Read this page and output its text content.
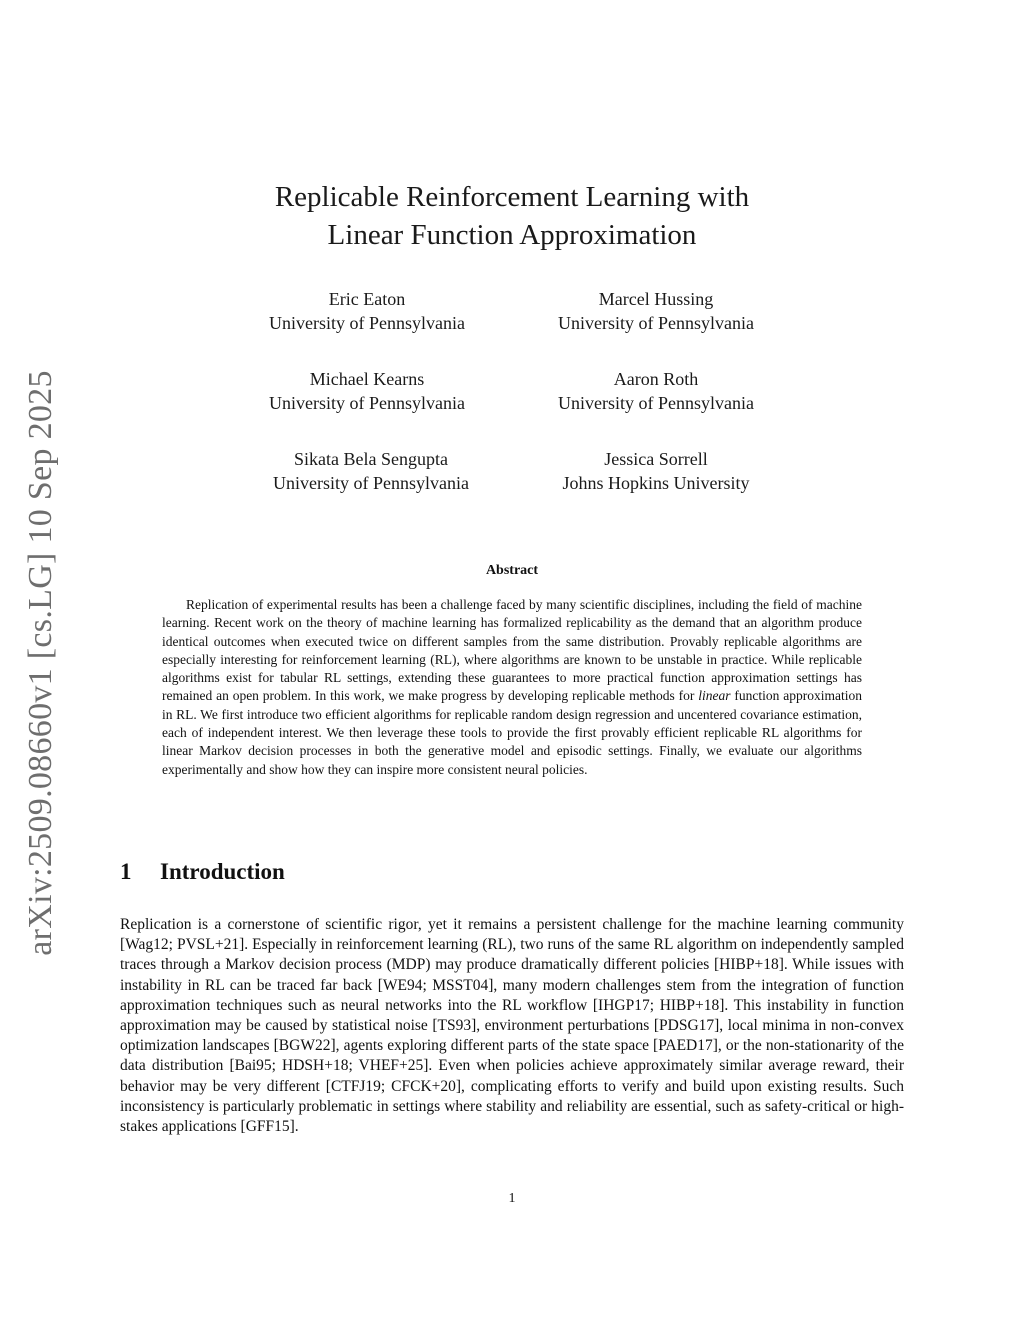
arXiv:2509.08660v1 [cs.LG] 10 Sep 2025
Replicable Reinforcement Learning with
Linear Function Approximation
Eric Eaton
University of Pennsylvania
Marcel Hussing
University of Pennsylvania
Michael Kearns
University of Pennsylvania
Aaron Roth
University of Pennsylvania
Sikata Bela Sengupta
University of Pennsylvania
Jessica Sorrell
Johns Hopkins University
Abstract

Replication of experimental results has been a challenge faced by many scientific disciplines, including the field of machine learning. Recent work on the theory of machine learning has formalized replicability as the demand that an algorithm produce identical outcomes when executed twice on different samples from the same distribution. Provably replicable algorithms are especially interesting for reinforcement learning (RL), where algorithms are known to be unstable in practice. While replicable algorithms exist for tabular RL settings, extending these guarantees to more practical function approximation settings has remained an open problem. In this work, we make progress by developing replicable methods for linear function approximation in RL. We first introduce two efficient algorithms for replicable random design regression and uncentered covariance estimation, each of independent interest. We then leverage these tools to provide the first provably efficient replicable RL algorithms for linear Markov decision processes in both the generative model and episodic settings. Finally, we evaluate our algorithms experimentally and show how they can inspire more consistent neural policies.

1 Introduction

Replication is a cornerstone of scientific rigor, yet it remains a persistent challenge for the machine learning community [Wag12; PVSL+21]. Especially in reinforcement learning (RL), two runs of the same RL algorithm on independently sampled traces through a Markov decision process (MDP) may produce dramatically different policies [HIBP+18]. While issues with instability in RL can be traced far back [WE94; MSST04], many modern challenges stem from the integration of function approximation techniques such as neural networks into the RL workflow [IHGP17; HIBP+18]. This instability in function approximation may be caused by statistical noise [TS93], environment perturbations [PDSG17], local minima in non-convex optimization landscapes [BGW22], agents exploring different parts of the state space [PAED17], or the non-stationarity of the data distribution [Bai95; HDSH+18; VHEF+25]. Even when policies achieve approximately similar average reward, their behavior may be very different [CTFJ19; CFCK+20], complicating efforts to verify and build upon existing results. Such inconsistency is particularly problematic in settings where stability and reliability are essential, such as safety-critical or high-stakes applications [GFF15].

1
